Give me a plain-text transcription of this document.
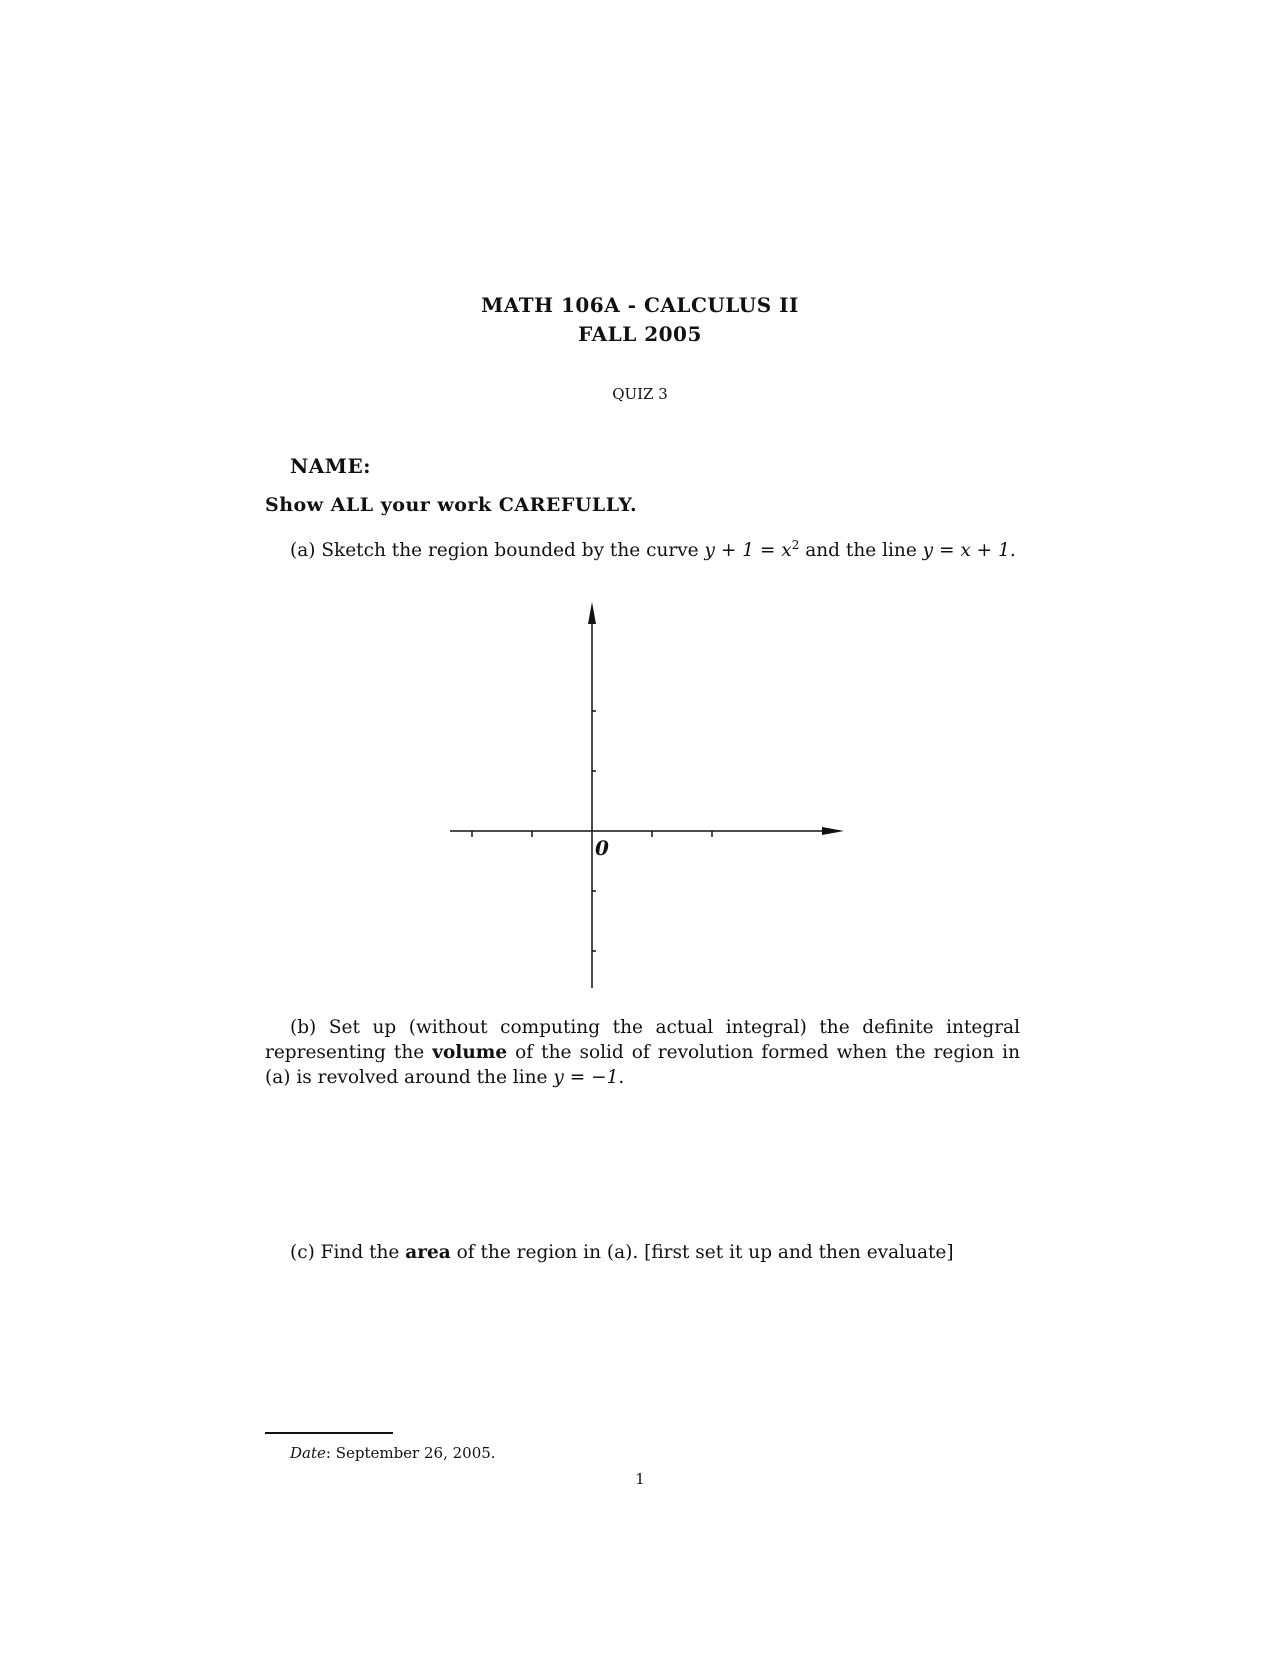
MATH 106A - CALCULUS II
FALL 2005
QUIZ 3
NAME:
Show ALL your work CAREFULLY.
(a) Sketch the region bounded by the curve $y + 1 = x^2$ and the line y = x + 1.
0
(b) Set up (without computing the actual integral) the definite integral representing the volume of the solid of revolution formed when the region in (a) is revolved around the line y = −1.
(c) Find the area of the region in (a). [first set it up and then evaluate]
Date: September 26, 2005.
1
